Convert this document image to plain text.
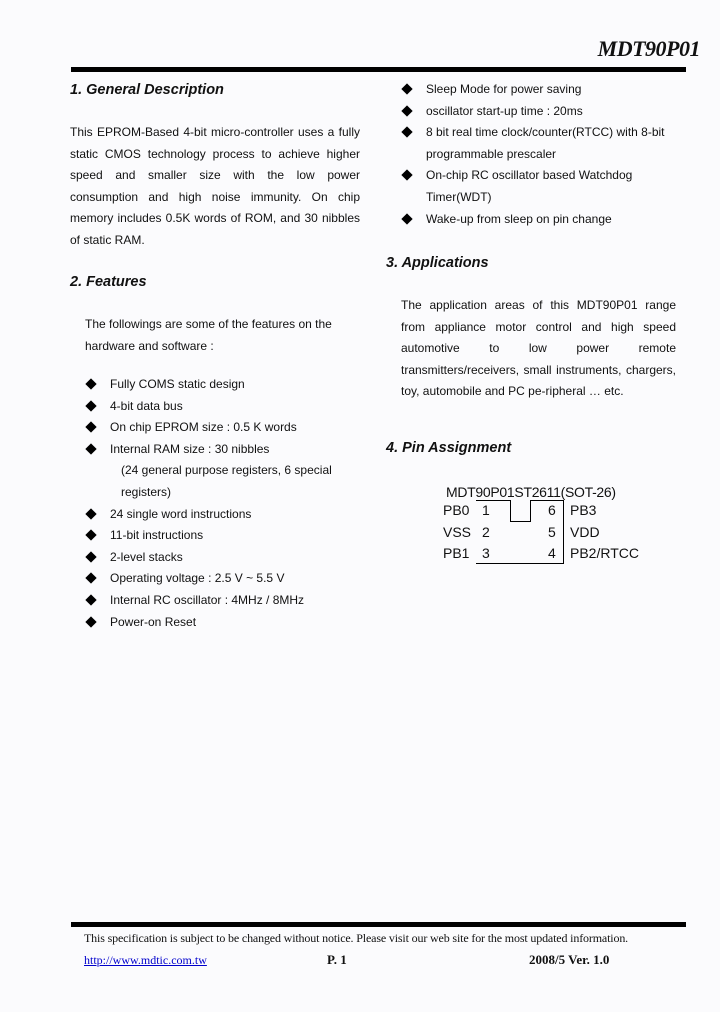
MDT90P01
1. General Description
This EPROM-Based 4-bit micro-controller uses a fully
static CMOS technology process to achieve higher
speed and smaller size with the low power
consumption and high noise immunity. On chip
memory includes 0.5K words of ROM, and 30 nibbles
of static RAM.
2. Features
The followings are some of the features on the
hardware and software :
Fully COMS static design
4-bit data bus
On chip EPROM size : 0.5 K words
Internal RAM size : 30 nibbles
(24 general purpose registers, 6 special
registers)
24 single word instructions
11-bit instructions
2-level stacks
Operating voltage : 2.5 V ~ 5.5 V
Internal RC oscillator : 4MHz / 8MHz
Power-on Reset
Sleep Mode for power saving
oscillator start-up time : 20ms
8 bit real time clock/counter(RTCC) with 8-bit
programmable prescaler
On-chip RC oscillator based Watchdog
Timer(WDT)
Wake-up from sleep on pin change
3. Applications
The application areas of this MDT90P01 range
from appliance motor control and high speed
automotive to low power remote
transmitters/receivers, small instruments, chargers,
toy, automobile and PC pe-ripheral … etc.
4. Pin Assignment
MDT90P01ST2611(SOT-26)
PB0 1
VSS 2
PB1 3
6 PB3
5 VDD
4 PB2/RTCC
This specification is subject to be changed without notice. Please visit our web site for the most updated information.
http://www.mdtic.com.tw	P. 1	2008/5 Ver. 1.0
